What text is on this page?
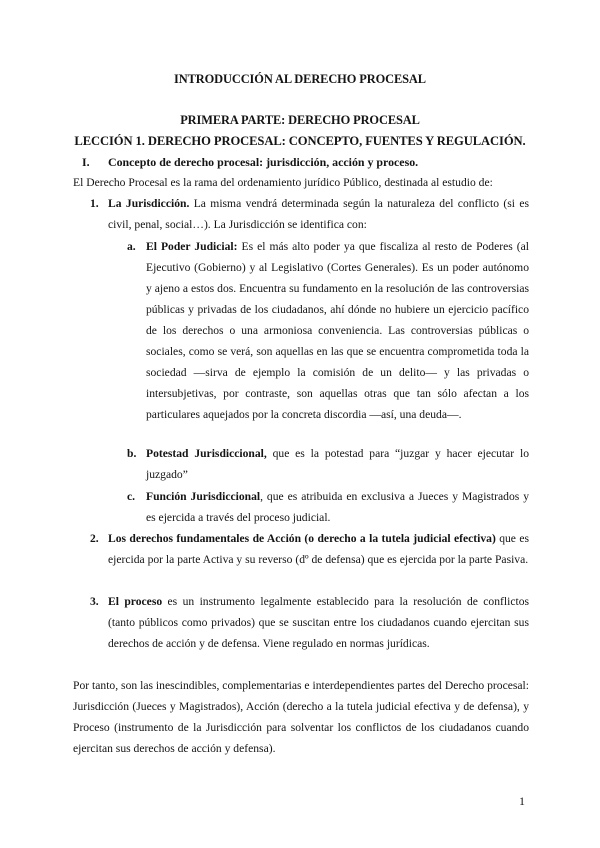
INTRODUCCIÓN AL DERECHO PROCESAL
PRIMERA PARTE: DERECHO PROCESAL
LECCIÓN 1. DERECHO PROCESAL: CONCEPTO, FUENTES Y REGULACIÓN.
I. Concepto de derecho procesal: jurisdicción, acción y proceso.
El Derecho Procesal es la rama del ordenamiento jurídico Público, destinada al estudio de:
1. La Jurisdicción. La misma vendrá determinada según la naturaleza del conflicto (si es civil, penal, social…). La Jurisdicción se identifica con:
a. El Poder Judicial: Es el más alto poder ya que fiscaliza al resto de Poderes (al Ejecutivo (Gobierno) y al Legislativo (Cortes Generales). Es un poder autónomo y ajeno a estos dos. Encuentra su fundamento en la resolución de las controversias públicas y privadas de los ciudadanos, ahí dónde no hubiere un ejercicio pacífico de los derechos o una armoniosa conveniencia. Las controversias públicas o sociales, como se verá, son aquellas en las que se encuentra comprometida toda la sociedad —sirva de ejemplo la comisión de un delito— y las privadas o intersubjetivas, por contraste, son aquellas otras que tan sólo afectan a los particulares aquejados por la concreta discordia —así, una deuda—.
b. Potestad Jurisdiccional, que es la potestad para “juzgar y hacer ejecutar lo juzgado”
c. Función Jurisdiccional, que es atribuida en exclusiva a Jueces y Magistrados y es ejercida a través del proceso judicial.
2. Los derechos fundamentales de Acción (o derecho a la tutela judicial efectiva) que es ejercida por la parte Activa y su reverso (dº de defensa) que es ejercida por la parte Pasiva.
3. El proceso es un instrumento legalmente establecido para la resolución de conflictos (tanto públicos como privados) que se suscitan entre los ciudadanos cuando ejercitan sus derechos de acción y de defensa. Viene regulado en normas jurídicas.
Por tanto, son las inescindibles, complementarias e interdependientes partes del Derecho procesal: Jurisdicción (Jueces y Magistrados), Acción (derecho a la tutela judicial efectiva y de defensa), y Proceso (instrumento de la Jurisdicción para solventar los conflictos de los ciudadanos cuando ejercitan sus derechos de acción y defensa).
1
